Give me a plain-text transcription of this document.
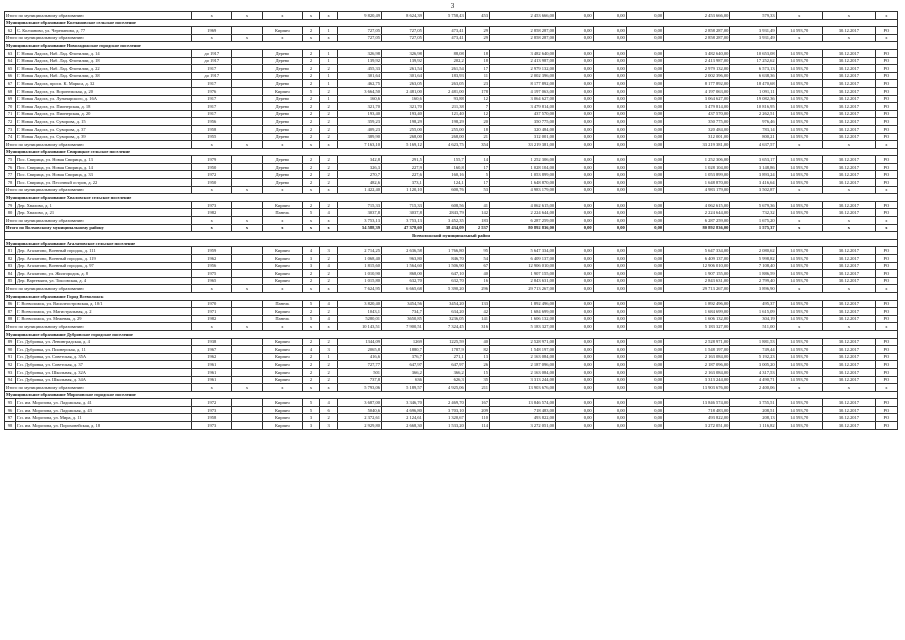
3
Итого по муниципальному образованию		х	х	х	х	х	9 820,49	8 624,39	5 758,43	453	2 453 666,00	0,00	0,00	0,00	2 453 666,00	579,33	х	х	х
Муниципальное образование Колчановское сельское поселение																			
62	С. Колчаново, ул. Черепанова, д. 77	1969		Кирпич	2	1	727,05	727,05	473,41	29	2 858 287,00	0,00	0,00	0,00	2 858 287,00	3 931,49	14 593,70	30.12.2017	РО
Итого по муниципальному образованию		х	х	х	х	х	727,05	727,05	473,41	29	2 858 287,00	0,00	0,00	0,00	2 858 287,00	3 931,49	х	х	х
Муниципальное образование Новоладожское городское поселение																			
63	Г. Новая Ладога, Наб. Лад. Флотилии, д. 14	до 1917		Дерево	2	1	326,98	326,98	88,08	18	3 482 640,00	0,00	0,00	0,00	3 482 640,00	10 653,08	14 593,70	30.12.2017	РО
64	Г. Новая Ладога, Наб. Лад. Флотилии, д. 18	до 1917		Дерево	2	1	139,92	139,92	202,2	18	2 413 987,00	0,00	0,00	0,00	2 413 987,00	17 252,62	14 593,70	30.12.2017	РО
65	Г. Новая Ладога, Наб. Лад. Флотилии, д. 22	1917		Дерево	2	2	455,33	261,54	261,54	17	2 979 132,00	0,00	0,00	0,00	2 979 132,00	6 573,13	14 593,70	30.12.2017	РО
66	Г. Новая Ладога, Наб. Лад. Флотилии, д. 38	до 1917		Дерево	2	1	301,64	301,64	183,93	11	2 002 396,00	0,00	0,00	0,00	2 002 396,00	6 638,36	14 593,70	30.12.2017	РО
67	Г. Новая Ладога, просп. К. Маркса, д. 32	1917		Дерево	2	1	462,75	263,05	263,05	23	8 177 892,00	0,00	0,00	0,00	8 177 892,00	18 470,68	14 593,70	30.12.2017	РО
68	Г. Новая Ладога, ул. Воронежская, д. 20	1976		Кирпич	5	2	3 664,50	2 481,00	2 481,00	178	4 197 063,00	0,00	0,00	0,00	4 197 063,00	1 091,11	14 593,70	30.12.2017	РО
69	Г. Новая Ладога, ул. Луначарского, д. 16А	1917		Дерево	2	1	160,6	160,6	93,88	12	3 064 627,00	0,00	0,00	0,00	3 064 627,00	19 082,36	14 593,70	30.12.2017	РО
70	Г. Новая Ладога, ул. Пионерская, д. 18	1917		Дерево	2	2	321,70	321,70	211,38	7	3 479 814,00	0,00	0,00	0,00	3 479 814,00	10 816,95	14 593,70	30.12.2017	РО
71	Г. Новая Ладога, ул. Пионерская, д. 20	1917		Дерево	2	2	193,40	193,40	121,40	12	437 570,00	0,00	0,00	0,00	437 570,00	2 262,51	14 593,70	30.12.2017	РО
72	Г. Новая Ладога, ул. Суворова, д. 15	1956		Дерево	2	2	359,23	198,29	198,29	20	350 775,00	0,00	0,00	0,00	350 775,00	976,46	14 593,70	30.12.2017	РО
73	Г. Новая Ладога, ул. Суворова, д. 37	1958		Дерево	2	2	409,23	255,00	255,00	18	320 484,00	0,00	0,00	0,00	320 484,00	783,14	14 593,70	30.12.2017	РО
74	Г. Новая Ладога, ул. Суворова, д. 39	1955		Дерево	2	2	389,90	268,00	268,00	21	312 001,00	0,00	0,00	0,00	312 001,00	800,21	14 593,70	30.12.2017	РО
Итого по муниципальному образованию		х	х	х	х	х	7 163,10	5 169,12	4 623,75	354	33 219 381,00	0,00	0,00	0,00	33 219 381,00	4 637,57	х	х	х
Муниципальное образование Свирицкое сельское поселение																			
75	Пос. Свирица, ул. Новая Свирица, д. 13	1979		Дерево	2	2	342,8	291,5	155,7	14	1 252 306,00	0,00	0,00	0,00	1 252 306,00	3 653,17	14 593,70	30.12.2017	РО
76	Пос. Свирица, ул. Новая Свирица, д. 14	1950		Дерево	2	2	326,3	227,9	160,8	17	1 028 104,00	0,00	0,00	0,00	1 028 104,00	3 148,86	14 593,70	30.12.2017	РО
77	Пос. Свирица, ул. Новая Свирица, д. 33	1972		Дерево	2	2	270,7	227,6	160,16	5	1 053 899,00	0,00	0,00	0,00	1 053 899,00	3 893,24	14 593,70	30.12.2017	РО
78	Пос. Свирица, ул. Песочный остров, д. 22	1950		Дерево	2	2	482,6	373,1	124,1	17	1 648 870,00	0,00	0,00	0,00	1 648 870,00	3 416,64	14 593,70	30.12.2017	РО
Итого по муниципальному образованию		х	х	х	х	х	1 422,40	1 120,10	600,76	53	4 983 179,00	0,00	0,00	0,00	4 983 179,00	3 502,87	х	х	х
Муниципальное образование Хваловское сельское поселение																			
79	Дер. Хвалово, д. 1	1973		Кирпич	2	2	715,33	715,33	608,56	41	4 062 615,00	0,00	0,00	0,00	4 062 615,00	5 679,36	14 593,70	30.12.2017	РО
80	Дер. Хвалово, д. 21	1982		Панель	5	4	3037,8	3037,8	2843,79	142	2 224 644,00	0,00	0,00	0,00	2 224 644,00	732,32	14 593,70	30.12.2017	РО
Итого по муниципальному образованию		х	х	х	х	х	3 753,13	3 753,13	3 452,35	183	6 287 259,00	0,00	0,00	0,00	6 287 259,00	1 675,20	х	х	х
Итого по Волховскому муниципальному району		х	х	х	х	х	54 588,39	47 378,60	38 434,09	2 537	80 892 836,00	0,00	0,00	0,00	80 892 836,00	1 575,37	х	х	х
Всеволожский муниципальный район																			
Муниципальное образование Агалатовское сельское поселение																			
81	Дер. Агалатово, Военный городок, д. 111	1959		Кирпич	4	3	2 714,25	2 636,58	1 766,80	95	5 647 334,00	0,00	0,00	0,00	5 647 334,00	2 080,62	14 593,70	30.12.2017	РО
82	Дер. Агалатово, Военный городок, д. 119	1962		Кирпич	3	2	1 068,40	963,80	846,70	54	6 409 137,00	0,00	0,00	0,00	6 409 137,00	5 998,82	14 593,70	30.12.2017	РО
83	Дер. Агалатово, Военный городок, д. 97	1956		Кирпич	3	4	1 815,60	1 564,60	1 506,90	67	12 906 010,00	0,00	0,00	0,00	12 906 010,00	7 108,40	14 593,70	30.12.2017	РО
84	Дер. Агалатово, ул. Жилгородок, д. 8	1975		Кирпич	2	2	1 010,90	868,00	647,10	40	1 907 155,00	0,00	0,00	0,00	1 907 155,00	1 886,59	14 593,70	30.12.2017	РО
85	Дер. Вартемяги, ул. Токсовская, д. 4	1965		Кирпич	2	2	1 015,80	632,70	632,70	16	2 843 631,00	0,00	0,00	0,00	2 843 631,00	2 799,40	14 593,70	30.12.2017	РО
Итого по муниципальному образованию		х	х	х	х	х	7 624,95	6 665,68	5 390,20	296	29 713 267,00	0,00	0,00	0,00	29 713 267,00	3 896,90	х	х	х
Муниципальное образование Город Всеволожск																			
86	Г. Всеволожск, ул. Василеостровская, д. 10/1	1970		Панель	5	4	3 820,40	3454,56	3454,20	133	1 892 496,00	0,00	0,00	0,00	1 892 496,00	495,37	14 593,70	30.12.2017	РО
87	Г. Всеволожск, ул. Магистральная, д. 2	1971		Кирпич	2	2	1043,1	734,7	634,20	42	1 684 699,00	0,00	0,00	0,00	1 684 699,00	1 615,09	14 593,70	30.12.2017	РО
88	Г. Всеволожск, ул. Межевая, д. 29	1982		Панель	5	4	5280,01	3650,85	3236,05	141	1 606 132,00	0,00	0,00	0,00	1 606 132,00	304,19	14 593,70	30.12.2017	РО
Итого по муниципальному образованию		х	х	х	х	х	10 143,51	7 900,51	7 324,45	316	5 183 327,00	0,00	0,00	0,00	5 183 327,00	511,00	х	х	х
Муниципальное образование Дубровское городское поселение																			
89	Г.п. Дубровка, ул. Ленинградская, д. 4	1938		Кирпич	2	2	1344,09	1269	1225,59	40	2 528 971,00	0,00	0,00	0,00	2 528 971,00	1 881,53	14 593,70	30.12.2017	РО
90	Г.п. Дубровка, ул. Пионерская, д. 11	1967		Кирпич	4	3	2065,8	1880,7	1787,9	82	1 548 197,00	0,00	0,00	0,00	1 548 197,00	749,44	14 593,70	30.12.2017	РО
91	Г.п. Дубровка, ул. Советская, д. 35А	1962		Кирпич	2	1	416,6	376,7	271,1	13	2 163 084,00	0,00	0,00	0,00	2 163 084,00	5 192,23	14 593,70	30.12.2017	РО
92	Г.п. Дубровка, ул. Советская, д. 37	1961		Кирпич	2	2	727,77	647,97	647,97	26	2 187 096,00	0,00	0,00	0,00	2 187 096,00	3 005,20	14 593,70	30.12.2017	РО
93	Г.п. Дубровка, ул. Школьная, д. 32А	1961		Кирпич	2	2	501	366,2	366,2	15	2 163 084,00	0,00	0,00	0,00	2 163 084,00	4 317,53	14 593,70	30.12.2017	РО
94	Г.п. Дубровка, ул. Школьная, д. 34А	1961		Кирпич	2	2	737,8	636	626,3	35	3 313 244,00	0,00	0,00	0,00	3 313 244,00	4 490,71	14 593,70	30.12.2017	РО
Итого по муниципальному образованию		х	х	х	х	х	5 793,06	5 189,57	4 925,06	211	13 903 676,00	0,00	0,00	0,00	13 903 676,00	2 400,06	х	х	х
Муниципальное образование Морозовское городское поселение																			
95	Г.п. им. Морозова, ул. Ладожская, д. 41	1972		Кирпич	5	4	3 687,00	3 346,70	2 469,70	167	13 846 574,00	0,00	0,00	0,00	13 846 574,00	3 755,51	14 593,70	30.12.2017	РО
96	Г.п. им. Морозова, ул. Ладожская, д. 43	1973		Кирпич	5	6	5040,6	4 696,80	3 703,10	209	718 483,00	0,00	0,00	0,00	718 483,00	208,51	14 593,70	30.12.2017	РО
97	Г.п. им. Морозова, ул. Мира, д. 11	1958		Кирпич	3	2	2 372,61	2 124,61	1 320,67	110	493 822,00	0,00	0,00	0,00	493 822,00	208,13	14 593,70	30.12.2017	РО
98	Г.п. им. Морозова, ул. Пороховейская, д. 18	1973		Кирпич	3	3	2 929,80	2 668,30	1 533,20	114	3 272 051,00	0,00	0,00	0,00	3 272 051,00	1 116,82	14 593,70	30.12.2017	РО
